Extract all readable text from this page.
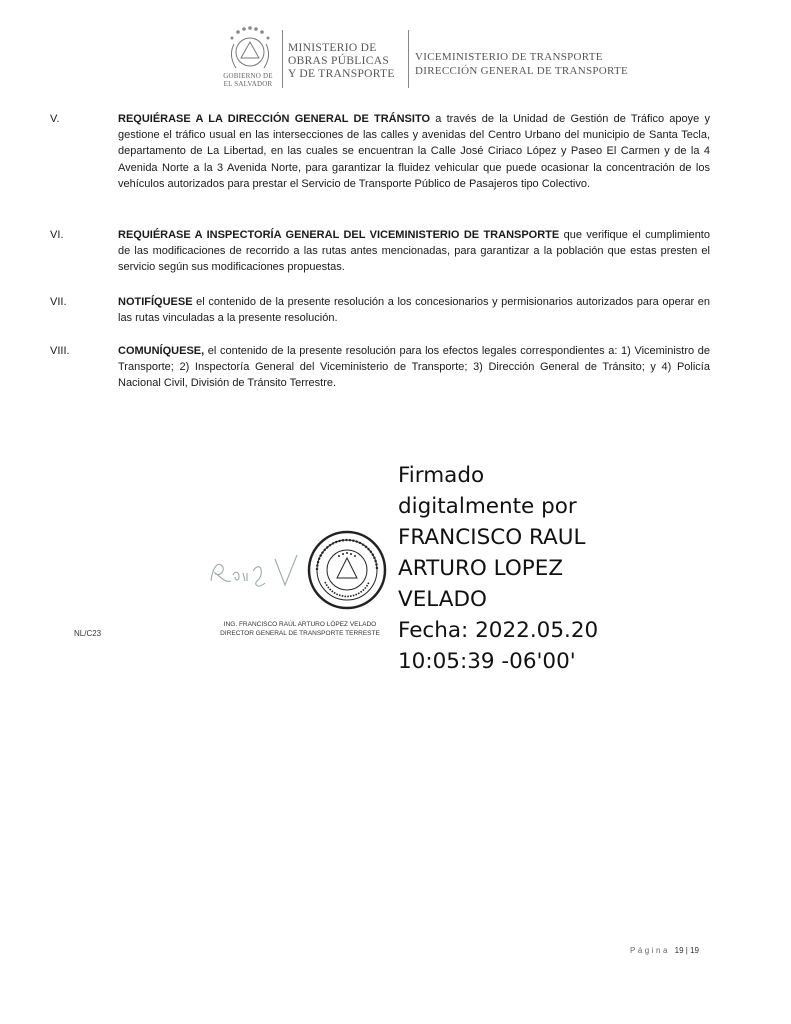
GOBIERNO DE
EL SALVADOR
MINISTERIO DE
OBRAS PÚBLICAS
Y DE TRANSPORTE
VICEMINISTERIO DE TRANSPORTE
DIRECCIÓN GENERAL DE TRANSPORTE
V.	REQUIÉRASE A LA DIRECCIÓN GENERAL DE TRÁNSITO a través de la Unidad de Gestión de Tráfico apoye y gestione el tráfico usual en las intersecciones de las calles y avenidas del Centro Urbano del municipio de Santa Tecla, departamento de La Libertad, en las cuales se encuentran la Calle José Ciriaco López y Paseo El Carmen y de la 4 Avenida Norte a la 3 Avenida Norte, para garantizar la fluidez vehicular que puede ocasionar la concentración de los vehículos autorizados para prestar el Servicio de Transporte Público de Pasajeros tipo Colectivo.
VI.	REQUIÉRASE A INSPECTORÍA GENERAL DEL VICEMINISTERIO DE TRANSPORTE que verifique el cumplimiento de las modificaciones de recorrido a las rutas antes mencionadas, para garantizar a la población que estas presten el servicio según sus modificaciones propuestas.
VII.	NOTIFÍQUESE el contenido de la presente resolución a los concesionarios y permisionarios autorizados para operar en las rutas vinculadas a la presente resolución.
VIII.	COMUNÍQUESE, el contenido de la presente resolución para los efectos legales correspondientes a: 1) Viceministro de Transporte; 2) Inspectoría General del Viceministerio de Transporte; 3) Dirección General de Tránsito; y 4) Policía Nacional Civil, División de Tránsito Terrestre.
ING. FRANCISCO RAÚL ARTURO LÓPEZ VELADO
DIRECTOR GENERAL DE TRANSPORTE TERRESTE
NL/C23
Firmado
digitalmente por
FRANCISCO RAUL
ARTURO LOPEZ
VELADO
Fecha: 2022.05.20
10:05:39 -06'00'
Página 19 | 19
